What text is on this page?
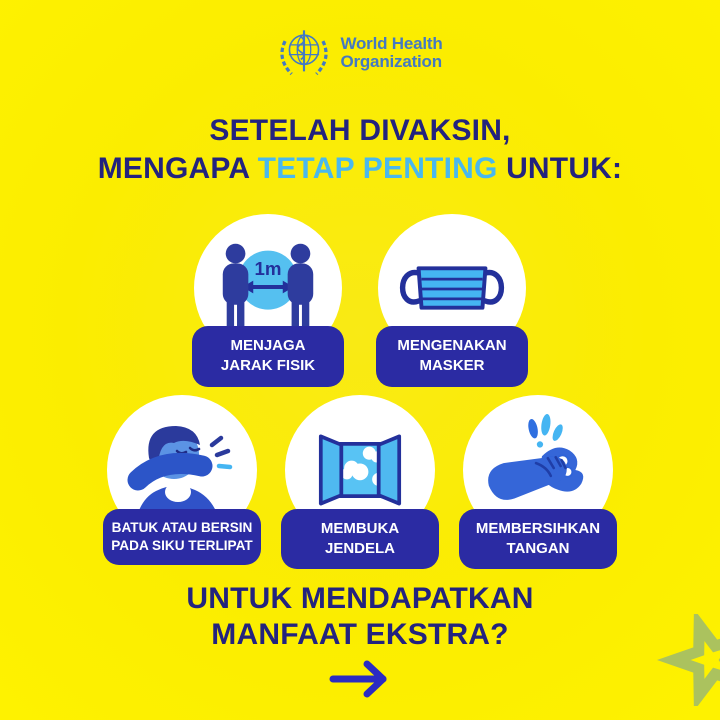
World Health
Organization
SETELAH DIVAKSIN,
MENGAPA TETAP PENTING UNTUK:
1m
MENJAGA
JARAK FISIK
MENGENAKAN
MASKER
BATUK ATAU BERSIN
PADA SIKU TERLIPAT
MEMBUKA
JENDELA
MEMBERSIHKAN
TANGAN
UNTUK MENDAPATKAN
MANFAAT EKSTRA?
